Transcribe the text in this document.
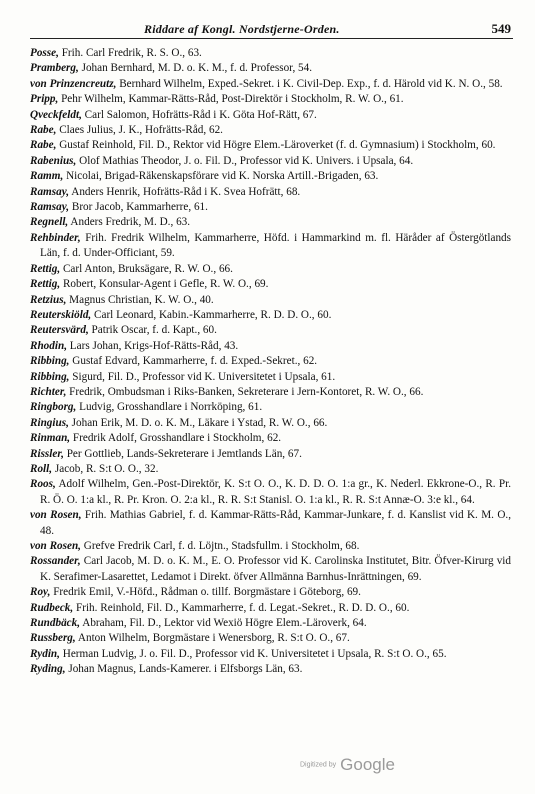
Riddare af Kongl. Nordstjerne-Orden.	549

Posse, Frih. Carl Fredrik, R. S. O., 63.

Pramberg, Johan Bernhard, M. D. o. K. M., f. d. Professor, 54.

von Prinzencreutz, Bernhard Wilhelm, Exped.-Sekret. i K. Civil-Dep. Exp., f. d. Härold vid K. N. O., 58.

Pripp, Pehr Wilhelm, Kammar-Rätts-Råd, Post-Direktör i Stockholm, R. W. O., 61.

Qveckfeldt, Carl Salomon, Hofrätts-Råd i K. Göta Hof-Rätt, 67.

Rabe, Claes Julius, J. K., Hofrätts-Råd, 62.

Rabe, Gustaf Reinhold, Fil. D., Rektor vid Högre Elem.-Läroverket (f. d. Gymnasium) i Stockholm, 60.

Rabenius, Olof Mathias Theodor, J. o. Fil. D., Professor vid K. Univers. i Upsala, 64.

Ramm, Nicolai, Brigad-Räkenskapsförare vid K. Norska Artill.-Brigaden, 63.

Ramsay, Anders Henrik, Hofrätts-Råd i K. Svea Hofrätt, 68.

Ramsay, Bror Jacob, Kammarherre, 61.

Regnell, Anders Fredrik, M. D., 63.

Rehbinder, Frih. Fredrik Wilhelm, Kammarherre, Höfd. i Hammarkind m. fl. Häråder af Östergötlands Län, f. d. Under-Officiant, 59.

Rettig, Carl Anton, Bruksägare, R. W. O., 66.

Rettig, Robert, Konsular-Agent i Gefle, R. W. O., 69.

Retzius, Magnus Christian, K. W. O., 40.

Reuterskiöld, Carl Leonard, Kabin.-Kammarherre, R. D. D. O., 60.

Reutersvärd, Patrik Oscar, f. d. Kapt., 60.

Rhodin, Lars Johan, Krigs-Hof-Rätts-Råd, 43.

Ribbing, Gustaf Edvard, Kammarherre, f. d. Exped.-Sekret., 62.

Ribbing, Sigurd, Fil. D., Professor vid K. Universitetet i Upsala, 61.

Richter, Fredrik, Ombudsman i Riks-Banken, Sekreterare i Jern-Kontoret, R. W. O., 66.

Ringborg, Ludvig, Grosshandlare i Norrköping, 61.

Ringius, Johan Erik, M. D. o. K. M., Läkare i Ystad, R. W. O., 66.

Rinman, Fredrik Adolf, Grosshandlare i Stockholm, 62.

Rissler, Per Gottlieb, Lands-Sekreterare i Jemtlands Län, 67.

Roll, Jacob, R. S:t O. O., 32.

Roos, Adolf Wilhelm, Gen.-Post-Direktör, K. S:t O. O., K. D. D. O. 1:a gr., K. Nederl. Ekkrone-O., R. Pr. R. Ö. O. 1:a kl., R. Pr. Kron. O. 2:a kl., R. R. S:t Stanisl. O. 1:a kl., R. R. S:t Annæ-O. 3:e kl., 64.

von Rosen, Frih. Mathias Gabriel, f. d. Kammar-Rätts-Råd, Kammar-Junkare, f. d. Kanslist vid K. M. O., 48.

von Rosen, Grefve Fredrik Carl, f. d. Löjtn., Stadsfullm. i Stockholm, 68.

Rossander, Carl Jacob, M. D. o. K. M., E. O. Professor vid K. Carolinska Institutet, Bitr. Öfver-Kirurg vid K. Serafimer-Lasarettet, Ledamot i Direkt. öfver Allmänna Barnhus-Inrättningen, 69.

Roy, Fredrik Emil, V.-Höfd., Rådman o. tillf. Borgmästare i Göteborg, 69.

Rudbeck, Frih. Reinhold, Fil. D., Kammarherre, f. d. Legat.-Sekret., R. D. D. O., 60.

Rundbäck, Abraham, Fil. D., Lektor vid Wexiö Högre Elem.-Läroverk, 64.

Russberg, Anton Wilhelm, Borgmästare i Wenersborg, R. S:t O. O., 67.

Rydin, Herman Ludvig, J. o. Fil. D., Professor vid K. Universitetet i Upsala, R. S:t O. O., 65.

Ryding, Johan Magnus, Lands-Kamerer. i Elfsborgs Län, 63.

Digitized by Google
